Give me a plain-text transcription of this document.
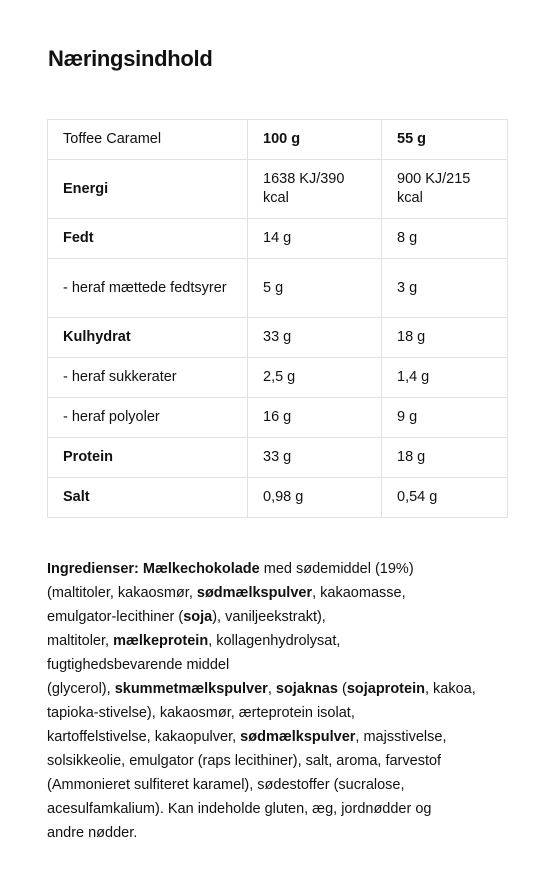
Næringsindhold
Toffee Caramel	100 g	55 g
Energi	1638 KJ/390 kcal	900 KJ/215 kcal
Fedt	14 g	8 g
- heraf mættede fedtsyrer	5 g	3 g
Kulhydrat	33 g	18 g
- heraf sukkerater	2,5 g	1,4 g
- heraf polyoler	16 g	9 g
Protein	33 g	18 g
Salt	0,98 g	0,54 g

Ingredienser: Mælkechokolade med sødemiddel (19%)
(maltitoler, kakaosmør, sødmælkspulver, kakaomasse,
emulgator-lecithiner (soja), vaniljeekstrakt),
maltitoler, mælkeprotein, kollagenhydrolysat,
fugtighedsbevarende middel
(glycerol), skummetmælkspulver, sojaknas (sojaprotein, kakoa,
tapioka-stivelse), kakaosmør, ærteprotein isolat,
kartoffelstivelse, kakaopulver, sødmælkspulver, majsstivelse,
solsikkeolie, emulgator (raps lecithiner), salt, aroma, farvestof
(Ammonieret sulfiteret karamel), sødestoffer (sucralose,
acesulfamkalium). Kan indeholde gluten, æg, jordnødder og
andre nødder.
